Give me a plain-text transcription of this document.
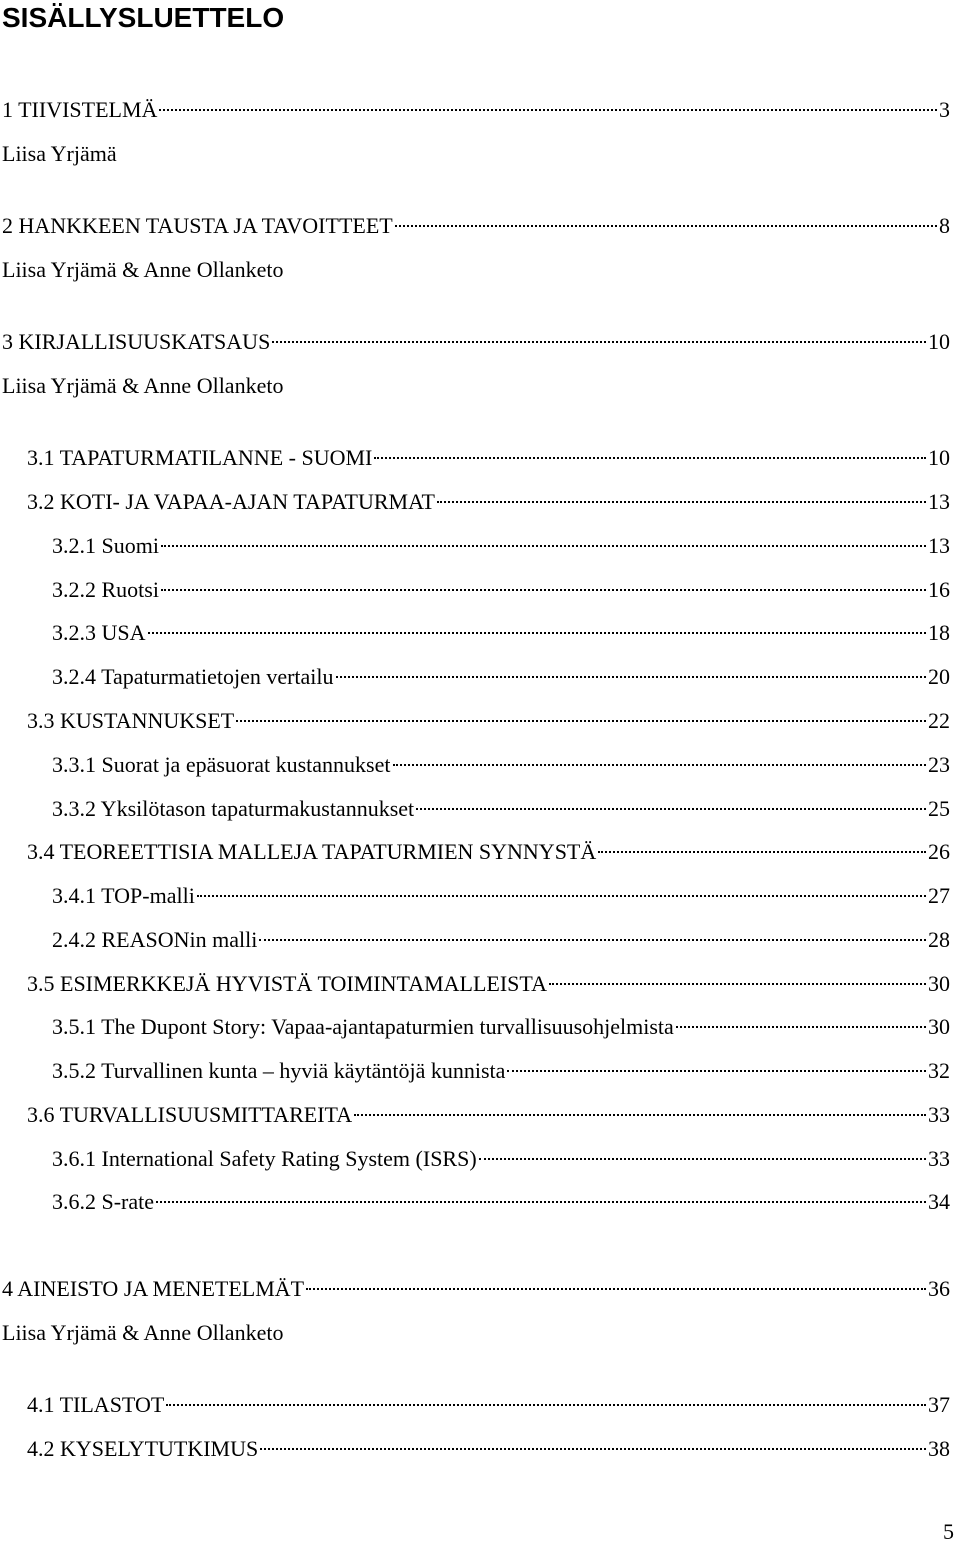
SISÄLLYSLUETTELO
1 TIIVISTELMÄ	3
Liisa Yrjämä
2 HANKKEEN TAUSTA JA TAVOITTEET	8
Liisa Yrjämä & Anne Ollanketo
3 KIRJALLISUUSKATSAUS	10
Liisa Yrjämä & Anne Ollanketo
3.1 TAPATURMATILANNE - SUOMI	10
3.2 KOTI- JA VAPAA-AJAN TAPATURMAT	13
3.2.1 Suomi	13
3.2.2 Ruotsi	16
3.2.3 USA	18
3.2.4 Tapaturmatietojen vertailu	20
3.3 KUSTANNUKSET	22
3.3.1 Suorat ja epäsuorat kustannukset	23
3.3.2 Yksilötason tapaturmakustannukset	25
3.4 TEOREETTISIA MALLEJA TAPATURMIEN SYNNYSTÄ	26
3.4.1 TOP-malli	27
2.4.2 REASONin malli	28
3.5 ESIMERKKEJÄ HYVISTÄ TOIMINTAMALLEISTA	30
3.5.1 The Dupont Story: Vapaa-ajantapaturmien turvallisuusohjelmista	30
3.5.2 Turvallinen kunta – hyviä käytäntöjä kunnista	32
3.6 TURVALLISUUSMITTAREITA	33
3.6.1 International Safety Rating System (ISRS)	33
3.6.2 S-rate	34
4 AINEISTO JA MENETELMÄT	36
Liisa Yrjämä & Anne Ollanketo
4.1 TILASTOT	37
4.2 KYSELYTUTKIMUS	38
5
